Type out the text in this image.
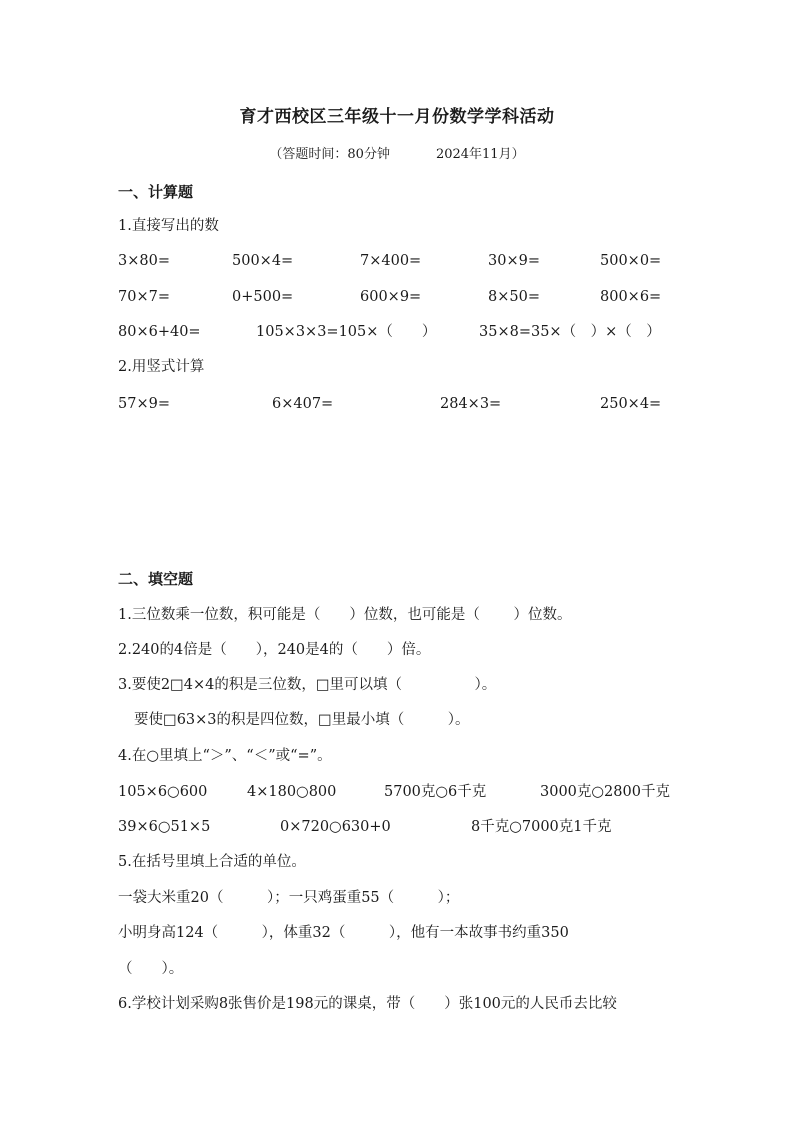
育才西校区三年级十一月份数学学科活动
（答题时间：80分钟	2024年11月）
一、计算题
1.直接写出的数
3×80=	500×4=	7×400=	30×9=	500×0=
70×7=	0+500=	600×9=	8×50=	800×6=
80×6+40=	105×3×3=105×（　　）	35×8=35×（　）×（　）
2.用竖式计算
57×9=	6×407=	284×3=	250×4=
二、填空题
1.三位数乘一位数，积可能是（　　）位数，也可能是（　　 ）位数。
2.240的4倍是（　　），240是4的（　　）倍。
3.要使2□4×4的积是三位数，□里可以填（　　　　　）。
要使□63×3的积是四位数，□里最小填（　　　）。
4.在○里填上“＞”、“＜”或“=”。
105×6○600	4×180○800	5700克○6千克	3000克○2800千克
39×6○51×5	0×720○630+0	8千克○7000克1千克
5.在括号里填上合适的单位。
一袋大米重20（　　　）；一只鸡蛋重55（　　　）；
小明身高124（　　　），体重32（　　　），他有一本故事书约重350
（　　）。
6.学校计划采购8张售价是198元的课桌，带（　　）张100元的人民币去比较
